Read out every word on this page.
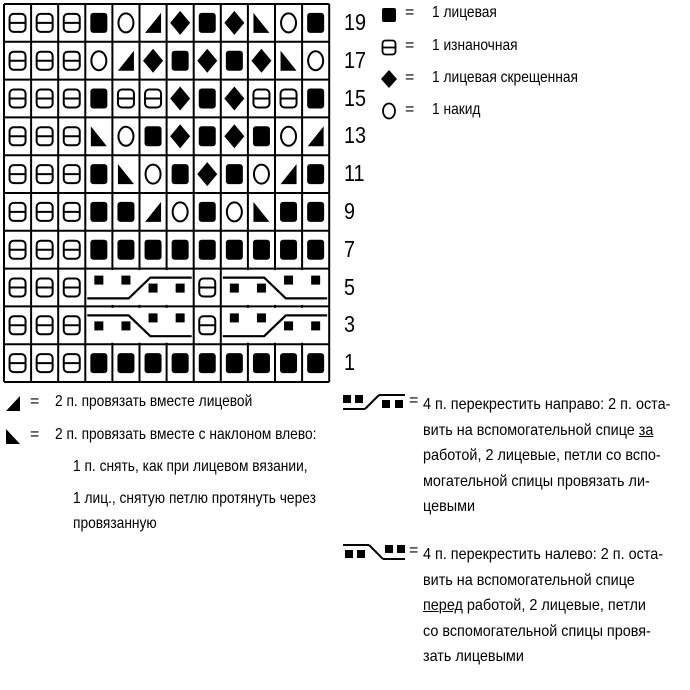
19
17
15
13
11
9
7
5
3
1
= 1 лицевая
= 1 изнаночная
= 1 лицевая скрещенная
= 1 накид
= 2 п. провязать вместе лицевой
= 2 п. провязать вместе с наклоном влево:
1 п. снять, как при лицевом вязании,
1 лиц., снятую петлю протянуть через
провязанную
= 4 п. перекрестить направо: 2 п. оста-
вить на вспомогательной спице за
работой, 2 лицевые, петли со вспо-
могательной спицы провязать ли-
цевыми
= 4 п. перекрестить налево: 2 п. оста-
вить на вспомогательной спице
перед работой, 2 лицевые, петли
со вспомогательной спицы провя-
зать лицевыми
